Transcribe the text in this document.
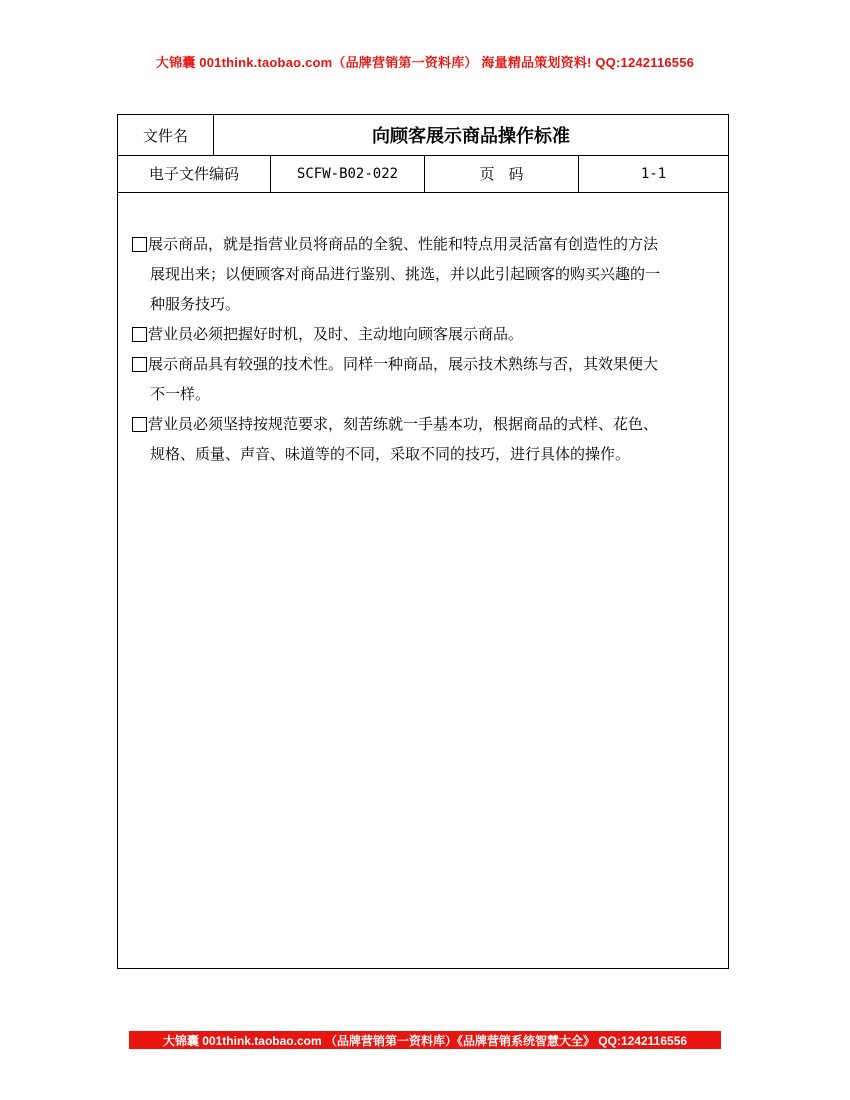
大锦囊 001think.taobao.com（品牌营销第一资料库） 海量精品策划资料! QQ:1242116556
文件名	向顾客展示商品操作标准
电子文件编码	SCFW-B02-022	页码	1-1
展示商品，就是指营业员将商品的全貌、性能和特点用灵活富有创造性的方法
展现出来；以便顾客对商品进行鉴别、挑选，并以此引起顾客的购买兴趣的一
种服务技巧。
营业员必须把握好时机，及时、主动地向顾客展示商品。
展示商品具有较强的技术性。同样一种商品，展示技术熟练与否，其效果便大
不一样。
营业员必须坚持按规范要求，刻苦练就一手基本功，根据商品的式样、花色、
规格、质量、声音、味道等的不同，采取不同的技巧，进行具体的操作。
大锦囊 001think.taobao.com （品牌营销第一资料库）《品牌营销系统智慧大全》 QQ:1242116556
